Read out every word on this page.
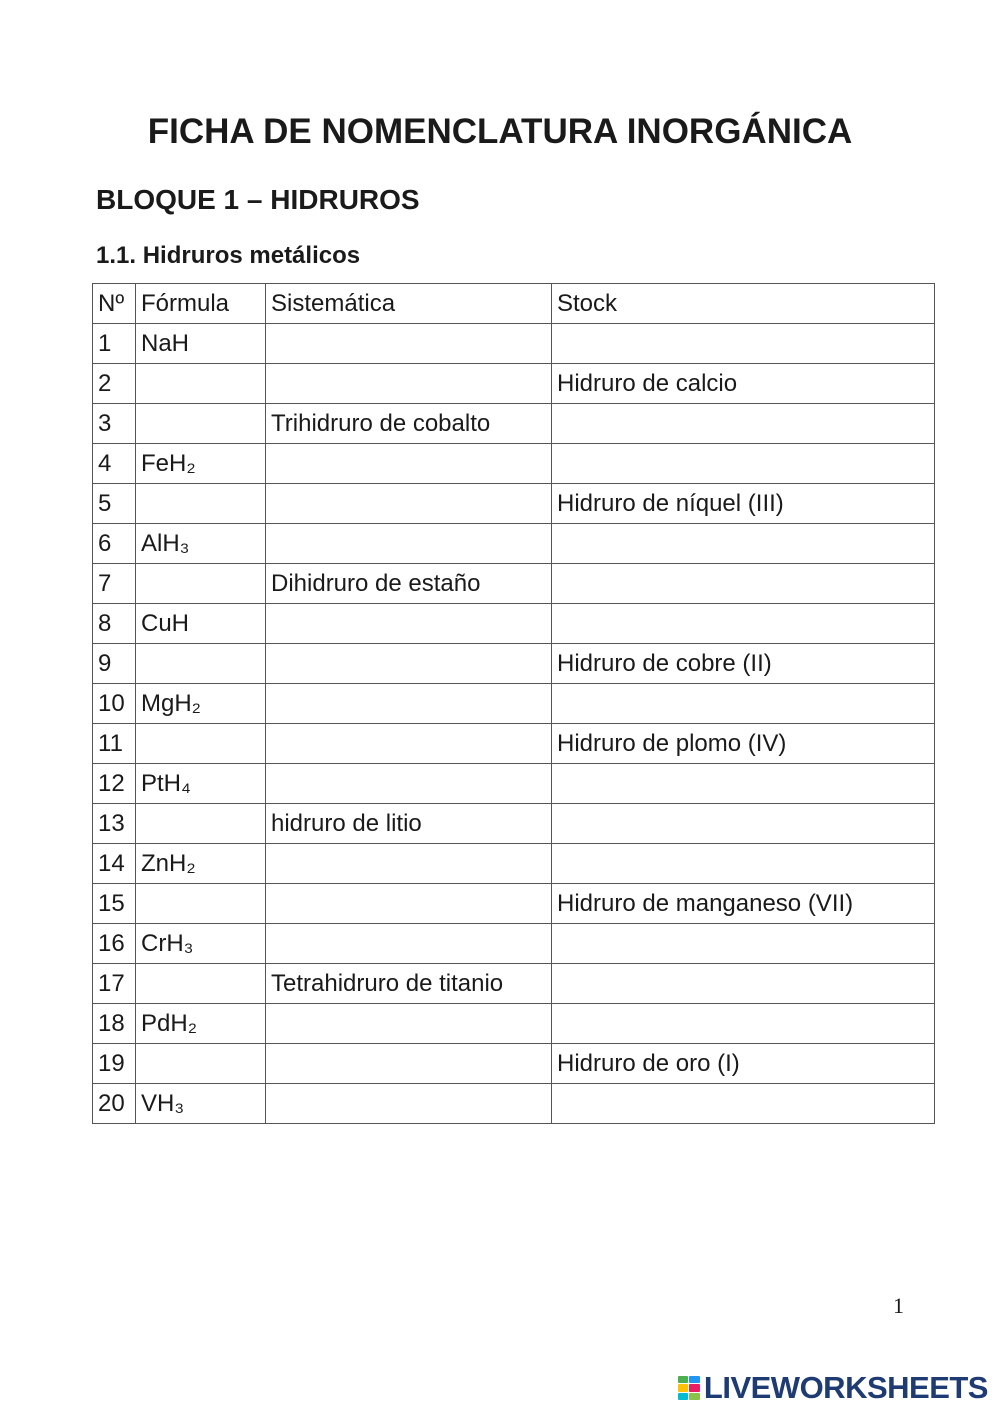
FICHA DE NOMENCLATURA INORGÁNICA
BLOQUE 1 – HIDRUROS
1.1. Hidruros metálicos
Nº	Fórmula	Sistemática	Stock
1	NaH		
2			Hidruro de calcio
3		Trihidruro de cobalto	
4	FeH₂		
5			Hidruro de níquel (III)
6	AlH₃		
7		Dihidruro de estaño	
8	CuH		
9			Hidruro de cobre (II)
10	MgH₂		
11			Hidruro de plomo (IV)
12	PtH₄		
13		hidruro de litio	
14	ZnH₂		
15			Hidruro de manganeso (VII)
16	CrH₃		
17		Tetrahidruro de titanio	
18	PdH₂		
19			Hidruro de oro (I)
20	VH₃		
1
LIVEWORKSHEETS
